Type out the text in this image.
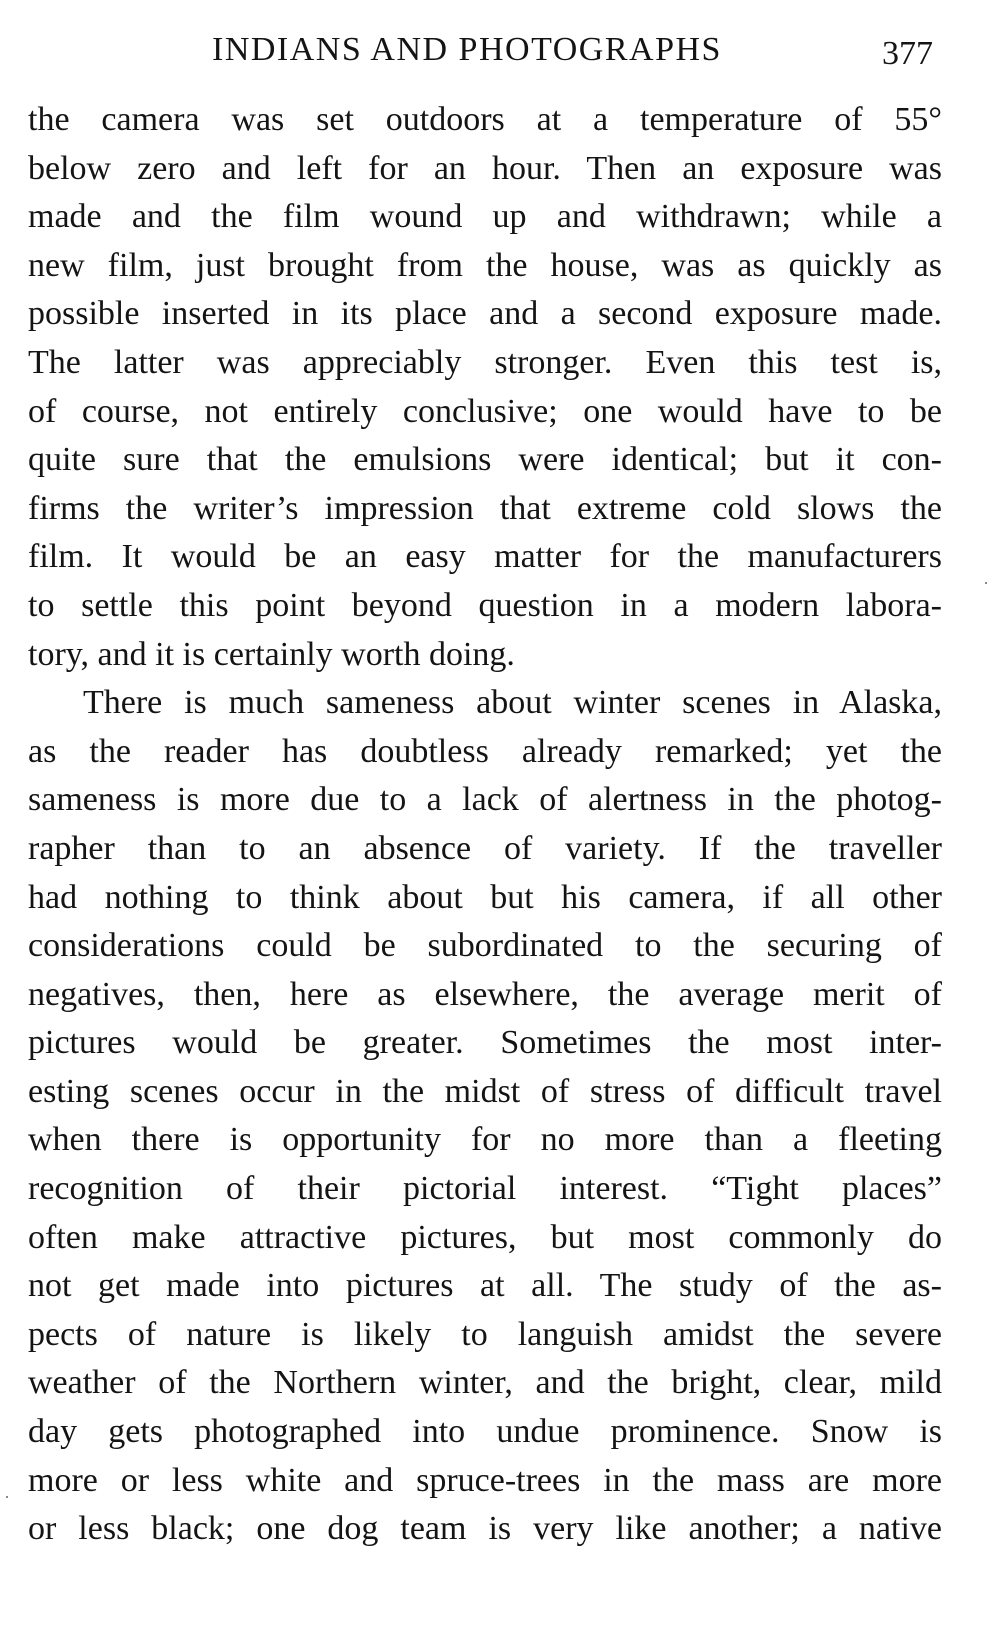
INDIANS AND PHOTOGRAPHS	377
the camera was set outdoors at a temperature of 55°
below zero and left for an hour. Then an exposure was
made and the film wound up and withdrawn; while a
new film, just brought from the house, was as quickly as
possible inserted in its place and a second exposure made.
The latter was appreciably stronger. Even this test is,
of course, not entirely conclusive; one would have to be
quite sure that the emulsions were identical; but it con-
firms the writer’s impression that extreme cold slows the
film. It would be an easy matter for the manufacturers
to settle this point beyond question in a modern labora-
tory, and it is certainly worth doing.
There is much sameness about winter scenes in Alaska,
as the reader has doubtless already remarked; yet the
sameness is more due to a lack of alertness in the photog-
rapher than to an absence of variety. If the traveller
had nothing to think about but his camera, if all other
considerations could be subordinated to the securing of
negatives, then, here as elsewhere, the average merit of
pictures would be greater. Sometimes the most inter-
esting scenes occur in the midst of stress of difficult travel
when there is opportunity for no more than a fleeting
recognition of their pictorial interest. “Tight places”
often make attractive pictures, but most commonly do
not get made into pictures at all. The study of the as-
pects of nature is likely to languish amidst the severe
weather of the Northern winter, and the bright, clear, mild
day gets photographed into undue prominence. Snow is
more or less white and spruce-trees in the mass are more
or less black; one dog team is very like another; a native
